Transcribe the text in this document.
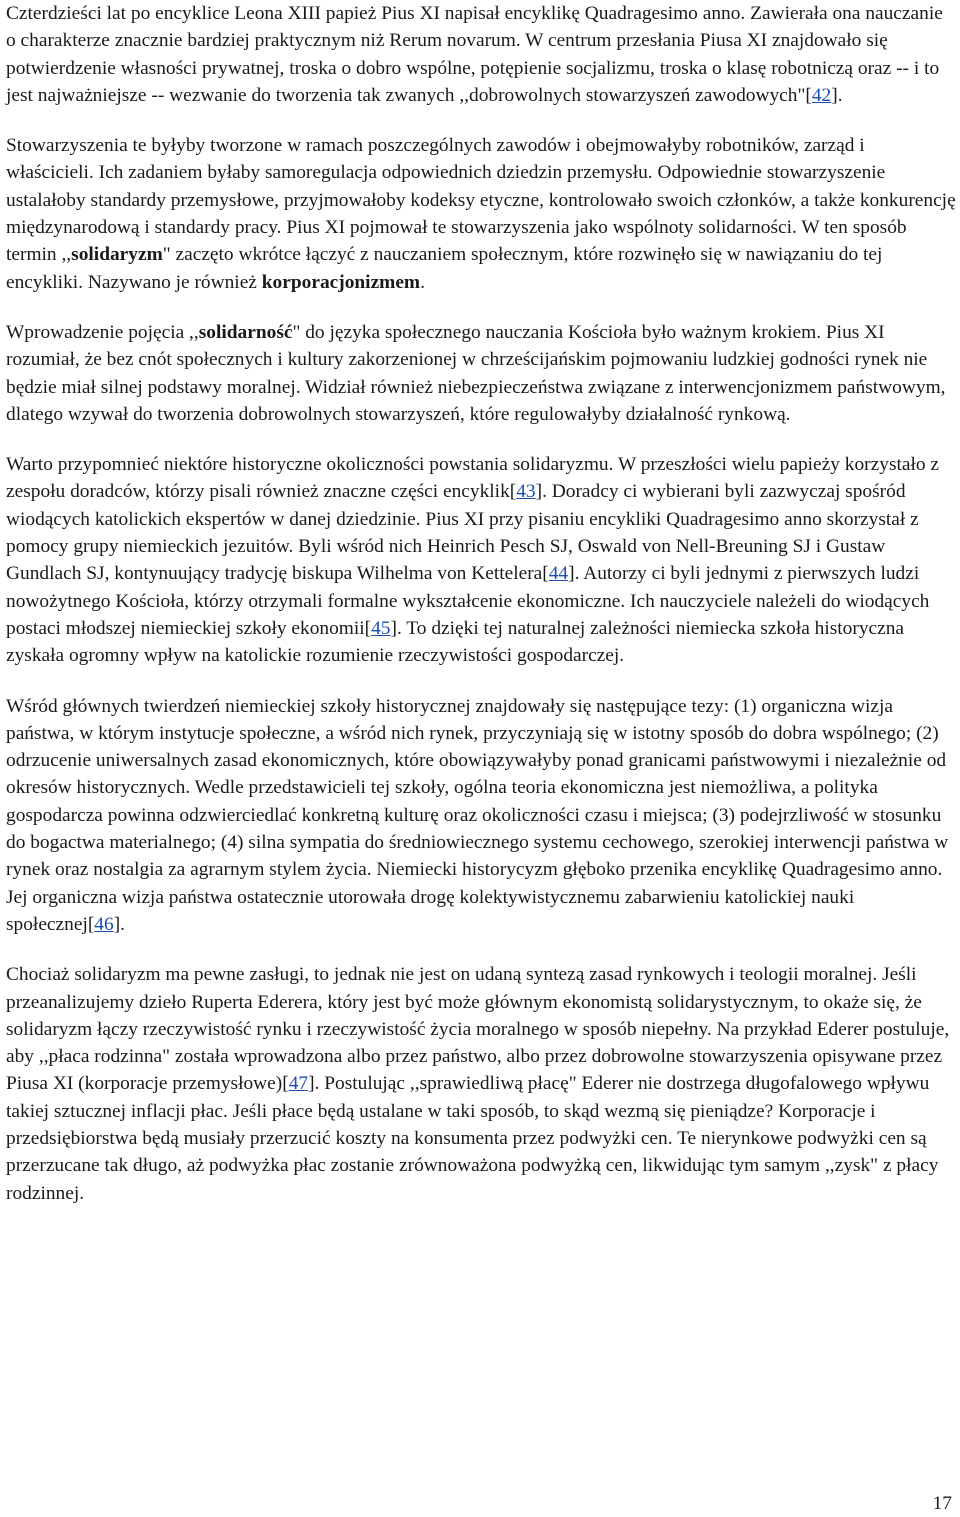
Czterdzieści lat po encyklice Leona XIII papież Pius XI napisał encyklikę Quadragesimo anno. Zawierała ona nauczanie o charakterze znacznie bardziej praktycznym niż Rerum novarum. W centrum przesłania Piusa XI znajdowało się potwierdzenie własności prywatnej, troska o dobro wspólne, potępienie socjalizmu, troska o klasę robotniczą oraz -- i to jest najważniejsze -- wezwanie do tworzenia tak zwanych ,,dobrowolnych stowarzyszeń zawodowych"[42].

Stowarzyszenia te byłyby tworzone w ramach poszczególnych zawodów i obejmowałyby robotników, zarząd i właścicieli. Ich zadaniem byłaby samoregulacja odpowiednich dziedzin przemysłu. Odpowiednie stowarzyszenie ustalałoby standardy przemysłowe, przyjmowałoby kodeksy etyczne, kontrolowało swoich członków, a także konkurencję międzynarodową i standardy pracy. Pius XI pojmował te stowarzyszenia jako wspólnoty solidarności. W ten sposób termin ,,solidaryzm" zaczęto wkrótce łączyć z nauczaniem społecznym, które rozwinęło się w nawiązaniu do tej encykliki. Nazywano je również korporacjonizmem.

Wprowadzenie pojęcia ,,solidarność" do języka społecznego nauczania Kościoła było ważnym krokiem. Pius XI rozumiał, że bez cnót społecznych i kultury zakorzenionej w chrześcijańskim pojmowaniu ludzkiej godności rynek nie będzie miał silnej podstawy moralnej. Widział również niebezpieczeństwa związane z interwencjonizmem państwowym, dlatego wzywał do tworzenia dobrowolnych stowarzyszeń, które regulowałyby działalność rynkową.

Warto przypomnieć niektóre historyczne okoliczności powstania solidaryzmu. W przeszłości wielu papieży korzystało z zespołu doradców, którzy pisali również znaczne części encyklik[43]. Doradcy ci wybierani byli zazwyczaj spośród wiodących katolickich ekspertów w danej dziedzinie. Pius XI przy pisaniu encykliki Quadragesimo anno skorzystał z pomocy grupy niemieckich jezuitów. Byli wśród nich Heinrich Pesch SJ, Oswald von Nell-Breuning SJ i Gustaw Gundlach SJ, kontynuujący tradycję biskupa Wilhelma von Kettelera[44]. Autorzy ci byli jednymi z pierwszych ludzi nowożytnego Kościoła, którzy otrzymali formalne wykształcenie ekonomiczne. Ich nauczyciele należeli do wiodących postaci młodszej niemieckiej szkoły ekonomii[45]. To dzięki tej naturalnej zależności niemiecka szkoła historyczna zyskała ogromny wpływ na katolickie rozumienie rzeczywistości gospodarczej.

Wśród głównych twierdzeń niemieckiej szkoły historycznej znajdowały się następujące tezy: (1) organiczna wizja państwa, w którym instytucje społeczne, a wśród nich rynek, przyczyniają się w istotny sposób do dobra wspólnego; (2) odrzucenie uniwersalnych zasad ekonomicznych, które obowiązywałyby ponad granicami państwowymi i niezależnie od okresów historycznych. Wedle przedstawicieli tej szkoły, ogólna teoria ekonomiczna jest niemożliwa, a polityka gospodarcza powinna odzwierciedlać konkretną kulturę oraz okoliczności czasu i miejsca; (3) podejrzliwość w stosunku do bogactwa materialnego; (4) silna sympatia do średniowiecznego systemu cechowego, szerokiej interwencji państwa w rynek oraz nostalgia za agrarnym stylem życia. Niemiecki historycyzm głęboko przenika encyklikę Quadragesimo anno. Jej organiczna wizja państwa ostatecznie utorowała drogę kolektywistycznemu zabarwieniu katolickiej nauki społecznej[46].

Chociaż solidaryzm ma pewne zasługi, to jednak nie jest on udaną syntezą zasad rynkowych i teologii moralnej. Jeśli przeanalizujemy dzieło Ruperta Ederera, który jest być może głównym ekonomistą solidarystycznym, to okaże się, że solidaryzm łączy rzeczywistość rynku i rzeczywistość życia moralnego w sposób niepełny. Na przykład Ederer postuluje, aby ,,płaca rodzinna" została wprowadzona albo przez państwo, albo przez dobrowolne stowarzyszenia opisywane przez Piusa XI (korporacje przemysłowe)[47]. Postulując ,,sprawiedliwą płacę" Ederer nie dostrzega długofalowego wpływu takiej sztucznej inflacji płac. Jeśli płace będą ustalane w taki sposób, to skąd wezmą się pieniądze? Korporacje i przedsiębiorstwa będą musiały przerzucić koszty na konsumenta przez podwyżki cen. Te nierynkowe podwyżki cen są przerzucane tak długo, aż podwyżka płac zostanie zrównoważona podwyżką cen, likwidując tym samym ,,zysk" z płacy rodzinnej.

17
